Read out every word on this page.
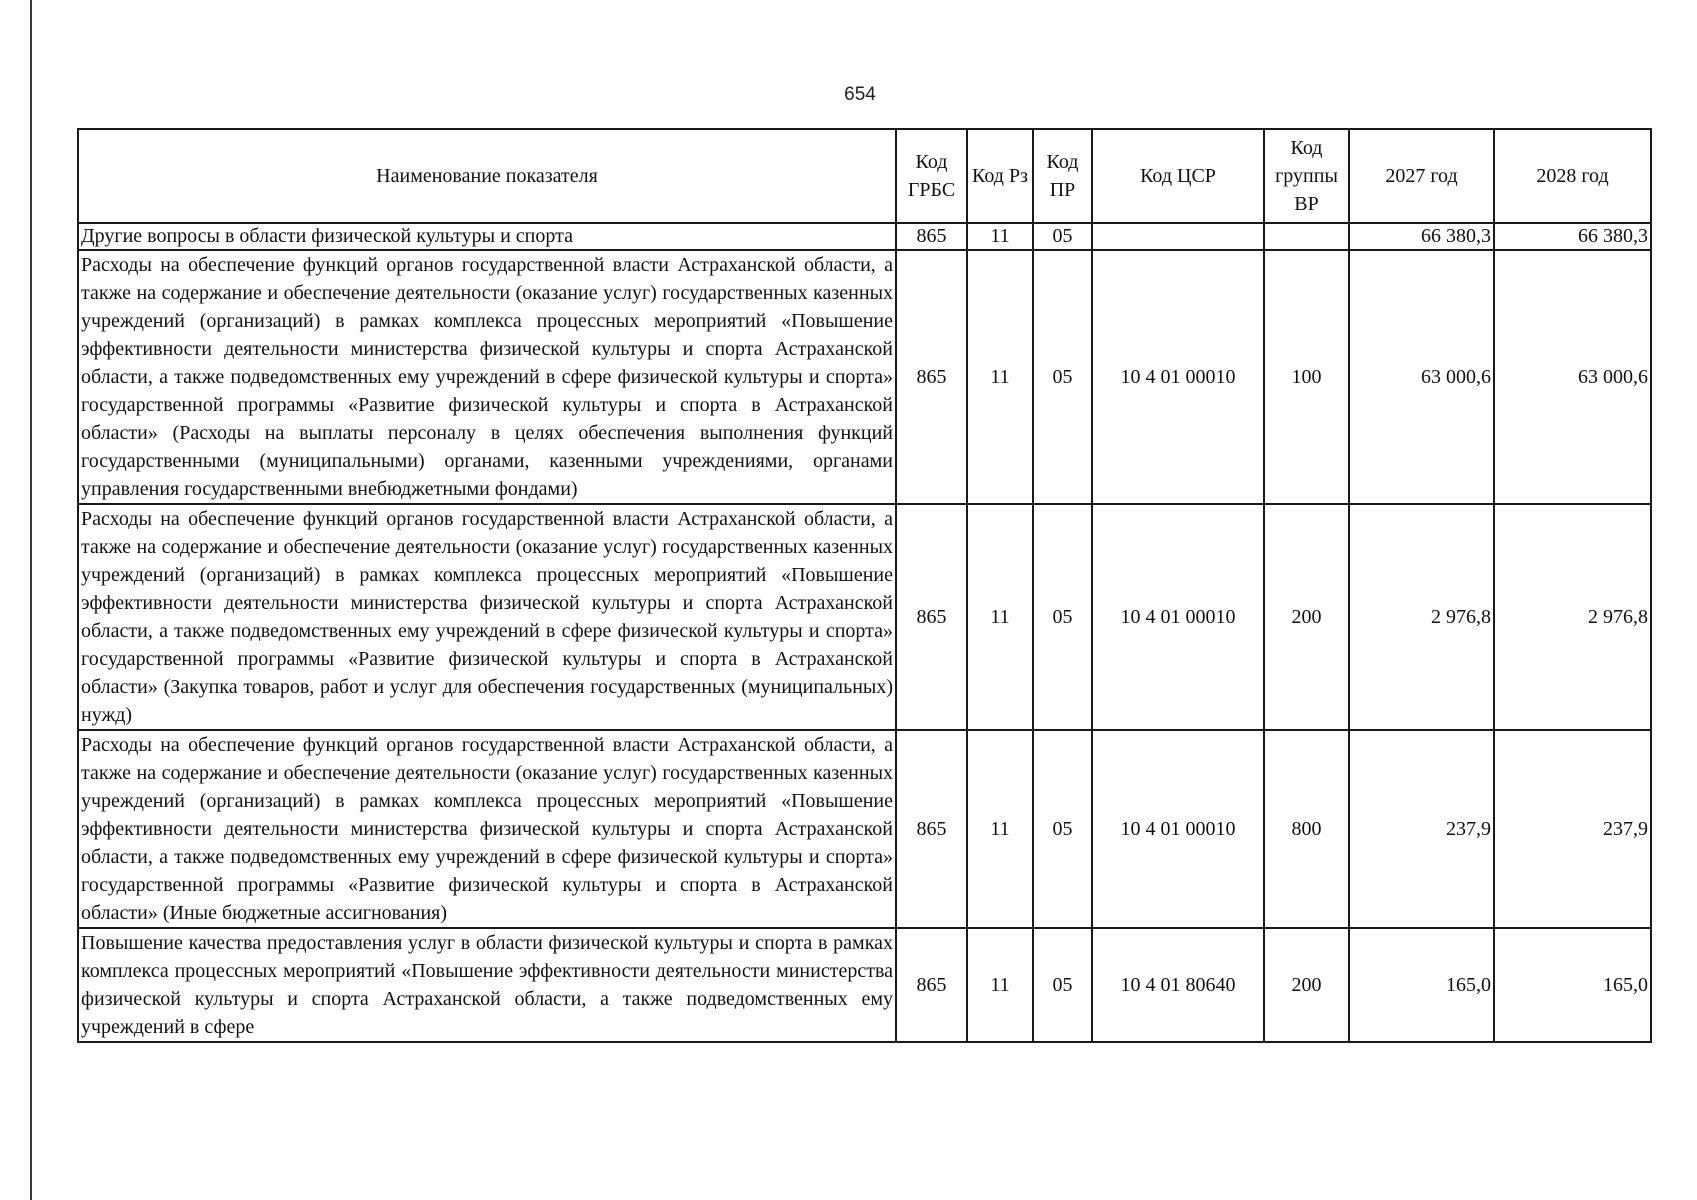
654
Наименование показателя	Код ГРБС	Код Рз	Код ПР	Код ЦСР	Код группы ВР	2027 год	2028 год
Другие вопросы в области физической культуры и спорта	865	11	05			66 380,3	66 380,3
Расходы на обеспечение функций органов государственной власти Астраханской области, а также на содержание и обеспечение деятельности (оказание услуг) государственных казенных учреждений (организаций) в рамках комплекса процессных мероприятий «Повышение эффективности деятельности министерства физической культуры и спорта Астраханской области, а также подведомственных ему учреждений в сфере физической культуры и спорта» государственной программы «Развитие физической культуры и спорта в Астраханской области» (Расходы на выплаты персоналу в целях обеспечения выполнения функций государственными (муниципальными) органами, казенными учреждениями, органами управления государственными внебюджетными фондами)	865	11	05	10 4 01 00010	100	63 000,6	63 000,6
Расходы на обеспечение функций органов государственной власти Астраханской области, а также на содержание и обеспечение деятельности (оказание услуг) государственных казенных учреждений (организаций) в рамках комплекса процессных мероприятий «Повышение эффективности деятельности министерства физической культуры и спорта Астраханской области, а также подведомственных ему учреждений в сфере физической культуры и спорта» государственной программы «Развитие физической культуры и спорта в Астраханской области» (Закупка товаров, работ и услуг для обеспечения государственных (муниципальных) нужд)	865	11	05	10 4 01 00010	200	2 976,8	2 976,8
Расходы на обеспечение функций органов государственной власти Астраханской области, а также на содержание и обеспечение деятельности (оказание услуг) государственных казенных учреждений (организаций) в рамках комплекса процессных мероприятий «Повышение эффективности деятельности министерства физической культуры и спорта Астраханской области, а также подведомственных ему учреждений в сфере физической культуры и спорта» государственной программы «Развитие физической культуры и спорта в Астраханской области» (Иные бюджетные ассигнования)	865	11	05	10 4 01 00010	800	237,9	237,9
Повышение качества предоставления услуг в области физической культуры и спорта в рамках комплекса процессных мероприятий «Повышение эффективности деятельности министерства физической культуры и спорта Астраханской области, а также подведомственных ему учреждений в сфере	865	11	05	10 4 01 80640	200	165,0	165,0
